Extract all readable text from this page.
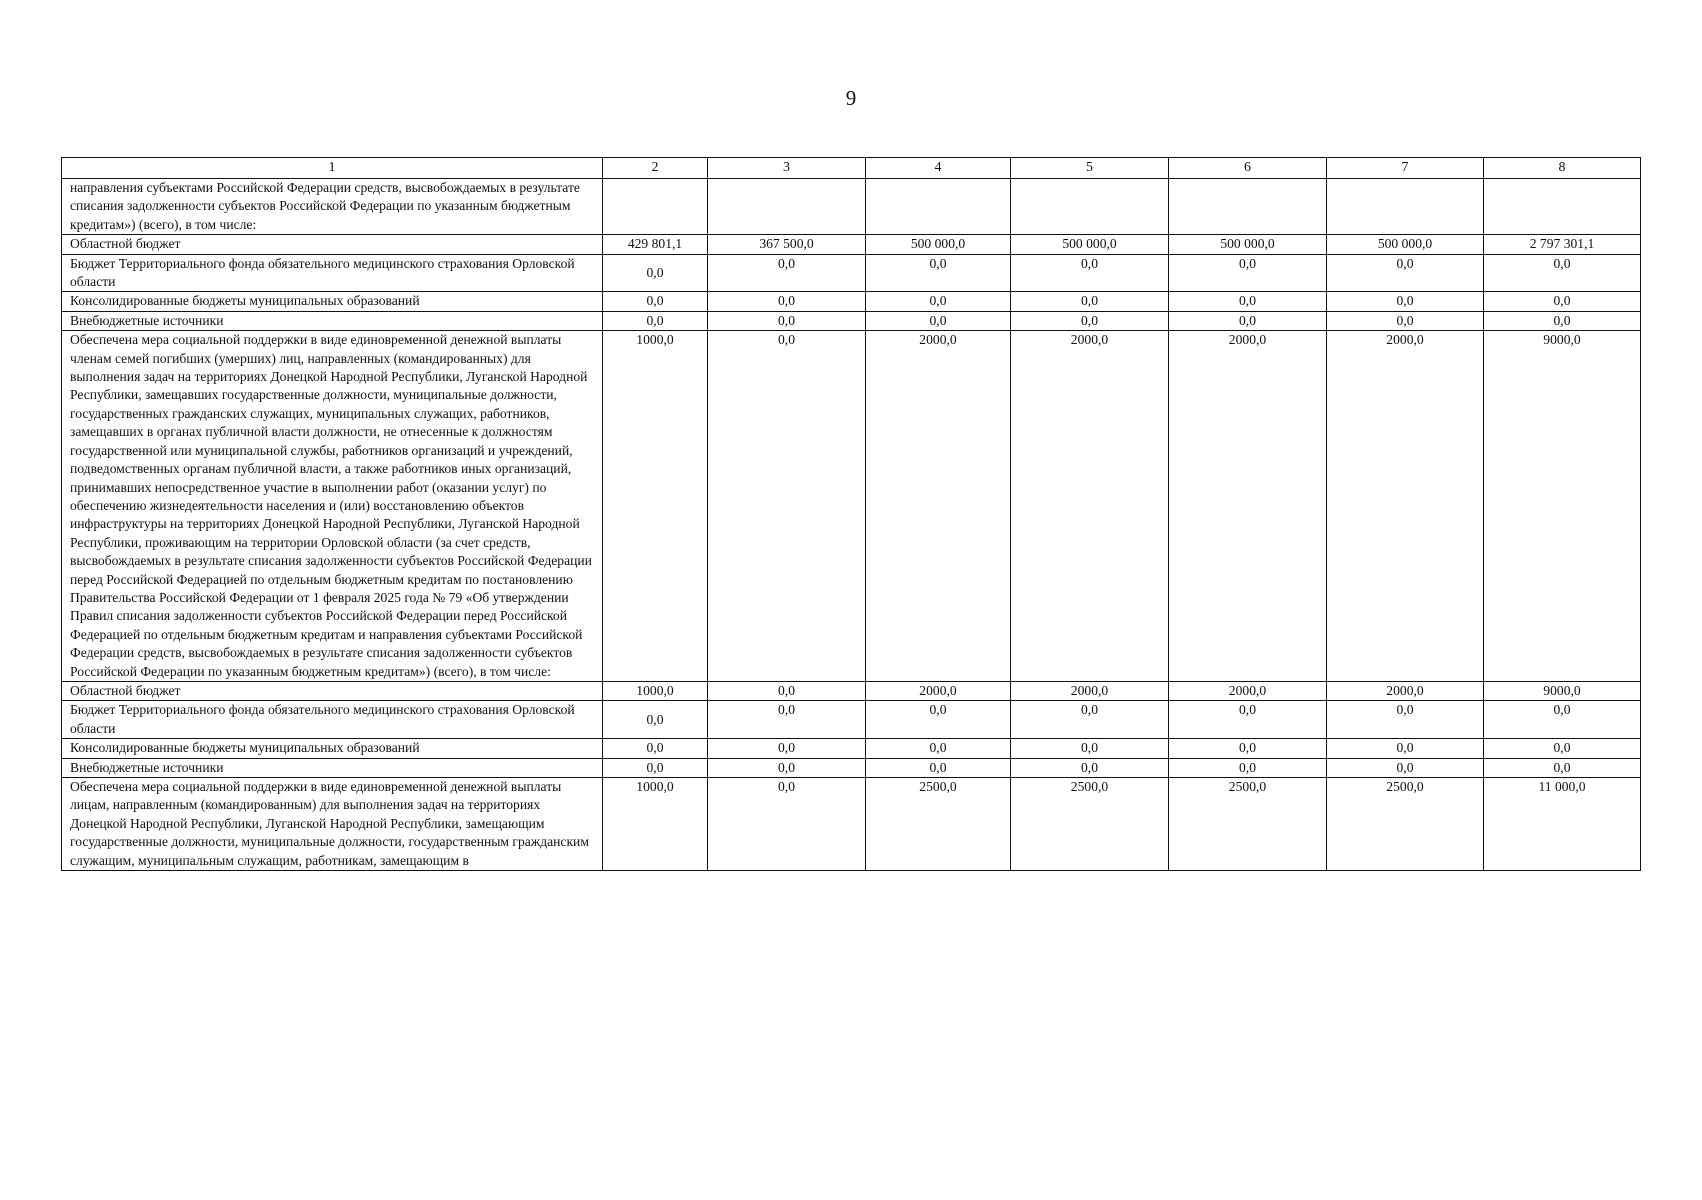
9
1	2	3	4	5	6	7	8
направления субъектами Российской Федерации средств, высвобождаемых в результате списания задолженности субъектов Российской Федерации по указанным бюджетным кредитам») (всего), в том числе:							
Областной бюджет	429 801,1	367 500,0	500 000,0	500 000,0	500 000,0	500 000,0	2 797 301,1
Бюджет Территориального фонда обязательного медицинского страхования Орловской области	0,0	0,0	0,0	0,0	0,0	0,0	0,0
Консолидированные бюджеты муниципальных образований	0,0	0,0	0,0	0,0	0,0	0,0	0,0
Внебюджетные источники	0,0	0,0	0,0	0,0	0,0	0,0	0,0
Обеспечена мера социальной поддержки в виде единовременной денежной выплаты членам семей погибших (умерших) лиц, направленных (командированных) для выполнения задач на территориях Донецкой Народной Республики, Луганской Народной Республики, замещавших государственные должности, муниципальные должности, государственных гражданских служащих, муниципальных служащих, работников, замещавших в органах публичной власти должности, не отнесенные к должностям государственной или муниципальной службы, работников организаций и учреждений, подведомственных органам публичной власти, а также работников иных организаций, принимавших непосредственное участие в выполнении работ (оказании услуг) по обеспечению жизнедеятельности населения и (или) восстановлению объектов инфраструктуры на территориях Донецкой Народной Республики, Луганской Народной Республики, проживающим на территории Орловской области (за счет средств, высвобождаемых в результате списания задолженности субъектов Российской Федерации перед Российской Федерацией по отдельным бюджетным кредитам по постановлению Правительства Российской Федерации от 1 февраля 2025 года № 79 «Об утверждении Правил списания задолженности субъектов Российской Федерации перед Российской Федерацией по отдельным бюджетным кредитам и направления субъектами Российской Федерации средств, высвобождаемых в результате списания задолженности субъектов Российской Федерации по указанным бюджетным кредитам») (всего), в том числе:	1000,0	0,0	2000,0	2000,0	2000,0	2000,0	9000,0
Областной бюджет	1000,0	0,0	2000,0	2000,0	2000,0	2000,0	9000,0
Бюджет Территориального фонда обязательного медицинского страхования Орловской области	0,0	0,0	0,0	0,0	0,0	0,0	0,0
Консолидированные бюджеты муниципальных образований	0,0	0,0	0,0	0,0	0,0	0,0	0,0
Внебюджетные источники	0,0	0,0	0,0	0,0	0,0	0,0	0,0
Обеспечена мера социальной поддержки в виде единовременной денежной выплаты лицам, направленным (командированным) для выполнения задач на территориях Донецкой Народной Республики, Луганской Народной Республики, замещающим государственные должности, муниципальные должности, государственным гражданским служащим, муниципальным служащим, работникам, замещающим в	1000,0	0,0	2500,0	2500,0	2500,0	2500,0	11 000,0
